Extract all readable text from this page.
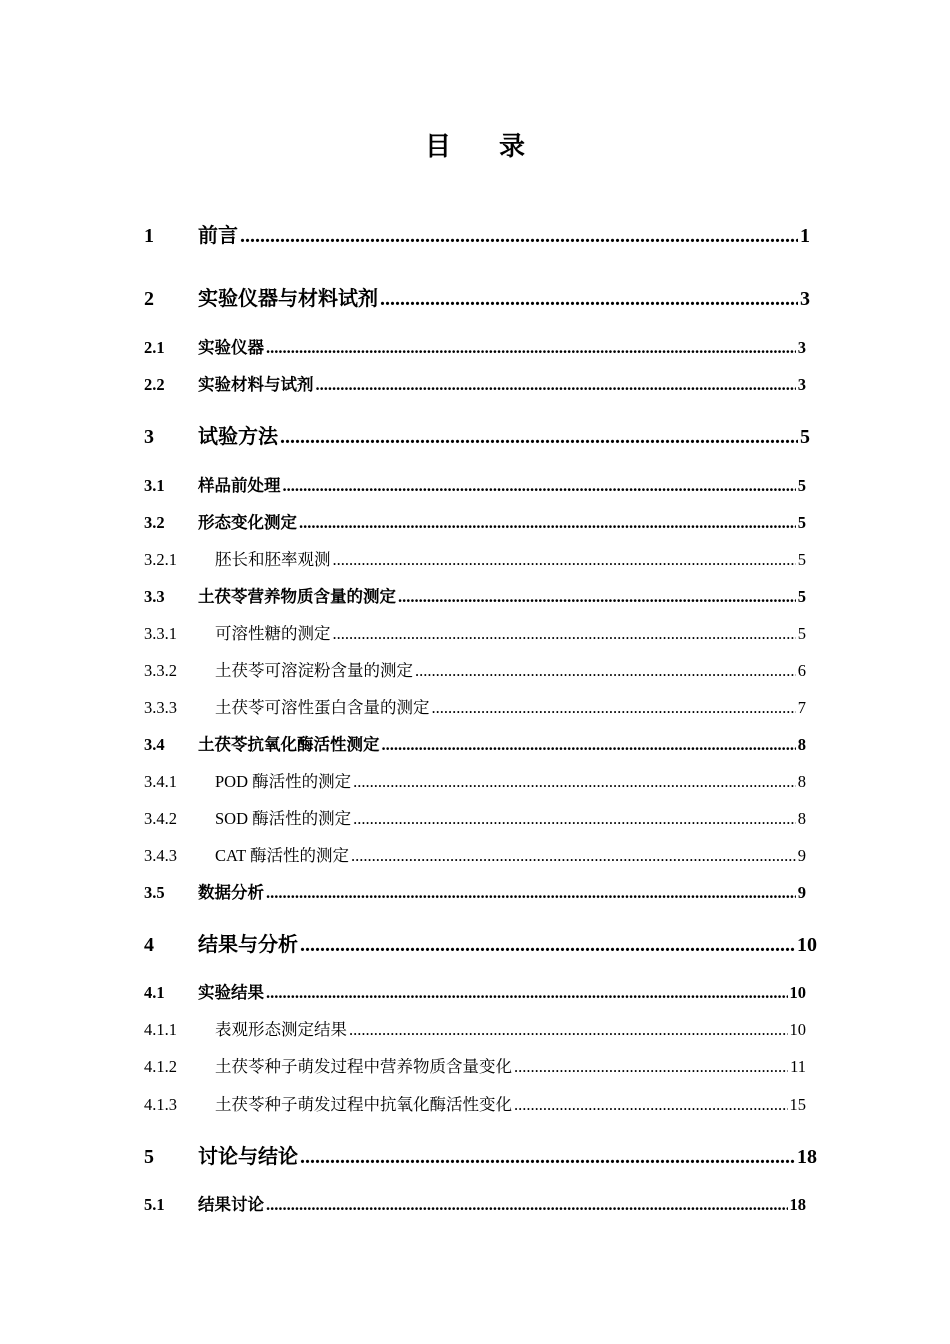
目 录
1	前言 .....	1
2	实验仪器与材料试剂 .....	3
2.1	实验仪器 .....	3
2.2	实验材料与试剂 .....	3
3	试验方法 .....	5
3.1	样品前处理 .....	5
3.2	形态变化测定 .....	5
3.2.1	胚长和胚率观测 .....	5
3.3	土茯苓营养物质含量的测定 .....	5
3.3.1	可溶性糖的测定 .....	5
3.3.2	土茯苓可溶淀粉含量的测定 .....	6
3.3.3	土茯苓可溶性蛋白含量的测定 .....	7
3.4	土茯苓抗氧化酶活性测定 .....	8
3.4.1	POD 酶活性的测定 .....	8
3.4.2	SOD 酶活性的测定 .....	8
3.4.3	CAT 酶活性的测定 .....	9
3.5	数据分析 .....	9
4	结果与分析 .....	10
4.1	实验结果 .....	10
4.1.1	表观形态测定结果 .....	10
4.1.2	土茯苓种子萌发过程中营养物质含量变化 .....	11
4.1.3	土茯苓种子萌发过程中抗氧化酶活性变化 .....	15
5	讨论与结论 .....	18
5.1	结果讨论 .....	18
